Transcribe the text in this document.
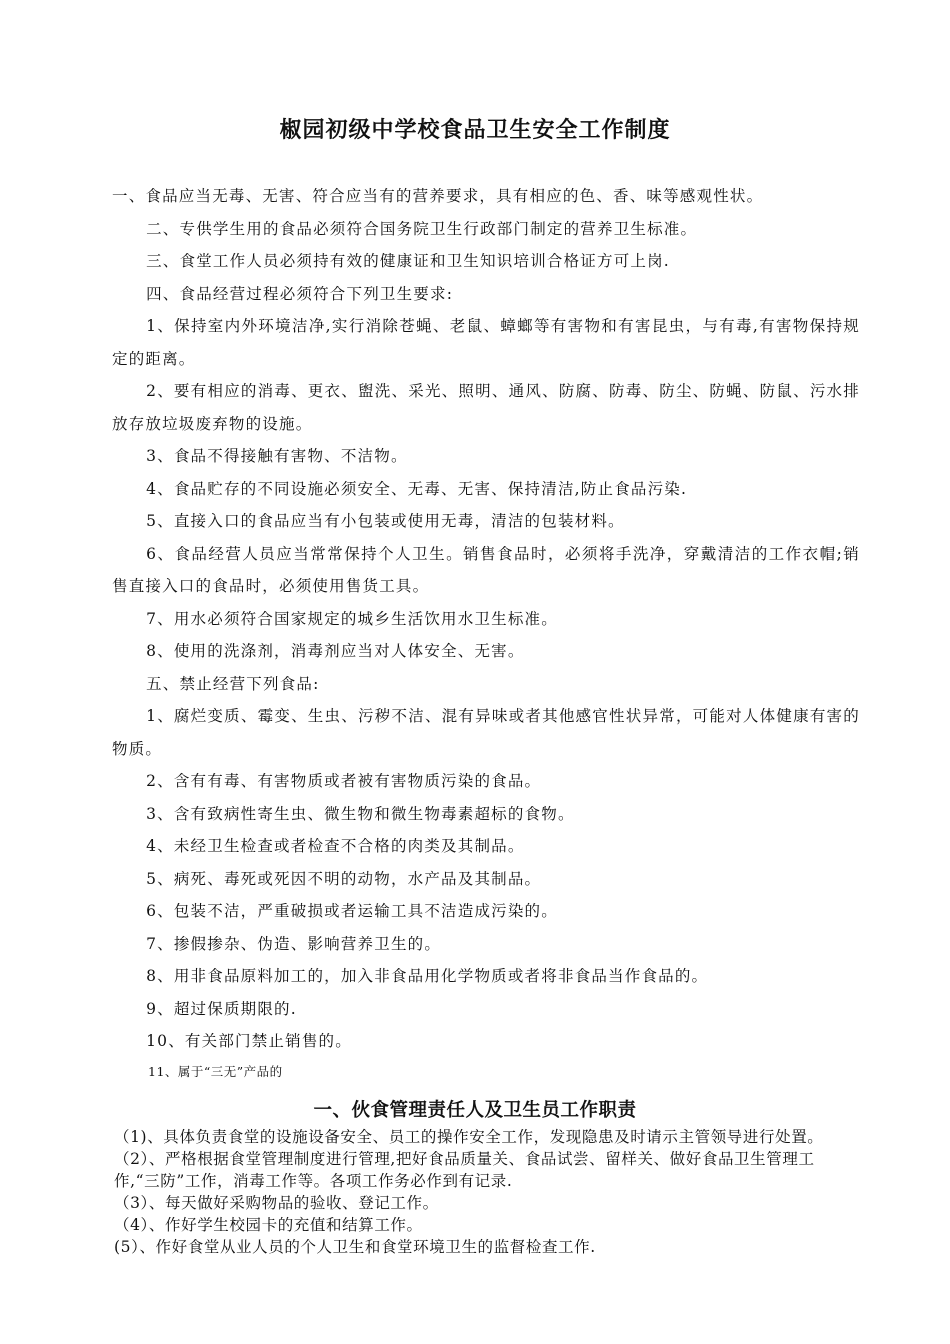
椒园初级中学校食品卫生安全工作制度

一、食品应当无毒、无害、符合应当有的营养要求，具有相应的色、香、味等感观性状。

二、专供学生用的食品必须符合国务院卫生行政部门制定的营养卫生标准。

三、食堂工作人员必须持有效的健康证和卫生知识培训合格证方可上岗.

四、食品经营过程必须符合下列卫生要求:

1、保持室内外环境洁净,实行消除苍蝇、老鼠、蟑螂等有害物和有害昆虫，与有毒,有害物保持规定的距离。

2、要有相应的消毒、更衣、盥洗、采光、照明、通风、防腐、防毒、防尘、防蝇、防鼠、污水排放存放垃圾废弃物的设施。

3、食品不得接触有害物、不洁物。

4、食品贮存的不同设施必须安全、无毒、无害、保持清洁,防止食品污染.

5、直接入口的食品应当有小包装或使用无毒，清洁的包装材料。

6、食品经营人员应当常常保持个人卫生。销售食品时，必须将手洗净，穿戴清洁的工作衣帽;销售直接入口的食品时，必须使用售货工具。

7、用水必须符合国家规定的城乡生活饮用水卫生标准。

8、使用的洗涤剂，消毒剂应当对人体安全、无害。

五、禁止经营下列食品:

1、腐烂变质、霉变、生虫、污秽不洁、混有异味或者其他感官性状异常，可能对人体健康有害的物质。

2、含有有毒、有害物质或者被有害物质污染的食品。

3、含有致病性寄生虫、微生物和微生物毒素超标的食物。

4、未经卫生检查或者检查不合格的肉类及其制品。

5、病死、毒死或死因不明的动物，水产品及其制品。

6、包装不洁，严重破损或者运输工具不洁造成污染的。

7、掺假掺杂、伪造、影响营养卫生的。

8、用非食品原料加工的，加入非食品用化学物质或者将非食品当作食品的。

9、超过保质期限的.

10、有关部门禁止销售的。

11、属于“三无”产品的

一、伙食管理责任人及卫生员工作职责

（1)、具体负责食堂的设施设备安全、员工的操作安全工作，发现隐患及时请示主管领导进行处置。

（2）、严格根据食堂管理制度进行管理,把好食品质量关、食品试尝、留样关、做好食品卫生管理工作,“三防”工作，消毒工作等。各项工作务必作到有记录.

（3）、每天做好采购物品的验收、登记工作。

（4）、作好学生校园卡的充值和结算工作。

(5）、作好食堂从业人员的个人卫生和食堂环境卫生的监督检查工作.
